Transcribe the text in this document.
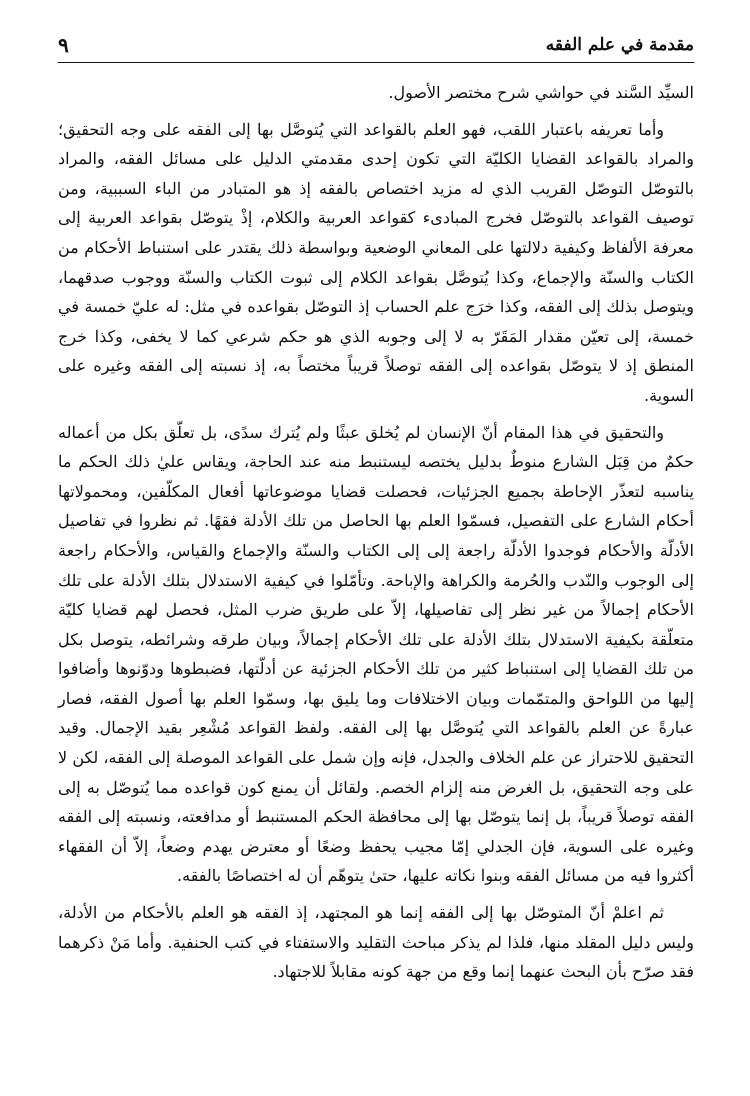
مقدمة في علم الفقه
٩

السيِّد السَّند في حواشي شرح مختصر الأصول.

وأما تعريفه باعتبار اللقب، فهو العلم بالقواعد التي يُتوصَّل بها إلى الفقه على وجه التحقيق؛ والمراد بالقواعد القضايا الكليّة التي تكون إحدى مقدمتي الدليل على مسائل الفقه، والمراد بالتوصّل التوصّل القريب الذي له مزيد اختصاص بالفقه إذ هو المتبادر من الباء السببية، ومن توصيف القواعد بالتوصّل فخرج المبادىء كقواعد العربية والكلام، إذْ يتوصّل بقواعد العربية إلى معرفة الألفاظ وكيفية دلالتها على المعاني الوضعية وبواسطة ذلك يقتدر على استنباط الأحكام من الكتاب والسنّة والإجماع، وكذا يُتوصَّل بقواعد الكلام إلى ثبوت الكتاب والسنّة ووجوب صدقهما، ويتوصل بذلك إلى الفقه، وكذا خرَج علم الحساب إذ التوصّل بقواعده في مثل: له عليّ خمسة في خمسة، إلى تعيّن مقدار المَقَرّ به لا إلى وجوبه الذي هو حكم شرعي كما لا يخفى، وكذا خرج المنطق إذ لا يتوصّل بقواعده إلى الفقه توصلاً قريباً مختصاً به، إذ نسبته إلى الفقه وغيره على السوية.

والتحقيق في هذا المقام أنّ الإنسان لم يُخلق عبثًا ولم يُترك سدًى، بل تعلّق بكل من أعماله حكمٌ من قِبَل الشارع منوطٌ بدليل يختصه ليستنبط منه عند الحاجة، ويقاس عليٰ ذلك الحكم ما يناسبه لتعذّر الإحاطة بجميع الجزئيات، فحصلت قضايا موضوعاتها أفعال المكلّفين، ومحمولاتها أحكام الشارع على التفصيل، فسمّوا العلم بها الحاصل من تلك الأدلة فقهًا. ثم نظروا في تفاصيل الأدلّة والأحكام فوجدوا الأدلّة راجعة إلى إلى الكتاب والسنّة والإجماع والقياس، والأحكام راجعة إلى الوجوب والنّدب والحُرمة والكراهة والإباحة. وتأمّلوا في كيفية الاستدلال بتلك الأدلة على تلك الأحكام إجمالاً من غير نظر إلى تفاصيلها، إلاّ على طريق ضرب المثل، فحصل لهم قضايا كليّة متعلّقة بكيفية الاستدلال بتلك الأدلة على تلك الأحكام إجمالاً، وبيان طرقه وشرائطه، يتوصل بكل من تلك القضايا إلى استنباط كثير من تلك الأحكام الجزئية عن أدلّتها، فضبطوها ودوّنوها وأضافوا إليها من اللواحق والمتمّمات وبيان الاختلافات وما يليق بها، وسمّوا العلم بها أصول الفقه، فصار عبارةً عن العلم بالقواعد التي يُتوصَّل بها إلى الفقه. ولفظ القواعد مُشْعِر بقيد الإجمال. وقيد التحقيق للاحتراز عن علم الخلاف والجدل، فإنه وإن شمل على القواعد الموصلة إلى الفقه، لكن لا على وجه التحقيق، بل الغرض منه إلزام الخصم. ولقائل أن يمنع كون قواعده مما يُتوصّل به إلى الفقه توصلاً قريباً، بل إنما يتوصّل بها إلى محافظة الحكم المستنبط أو مدافعته، ونسبته إلى الفقه وغيره على السوية، فإن الجدلي إمّا مجيب يحفظ وضعًا أو معترض يهدم وضعاً، إلاّ أن الفقهاء أكثروا فيه من مسائل الفقه وبنوا نكاته عليها، حتىٰ يتوهّم أن له اختصاصًا بالفقه.

ثم اعلمْ أنّ المتوصّل بها إلى الفقه إنما هو المجتهد، إذ الفقه هو العلم بالأحكام من الأدلة، وليس دليل المقلد منها، فلذا لم يذكر مباحث التقليد والاستفتاء في كتب الحنفية. وأما مَنْ ذكرهما فقد صرّح بأن البحث عنهما إنما وقع من جهة كونه مقابلاً للاجتهاد.
